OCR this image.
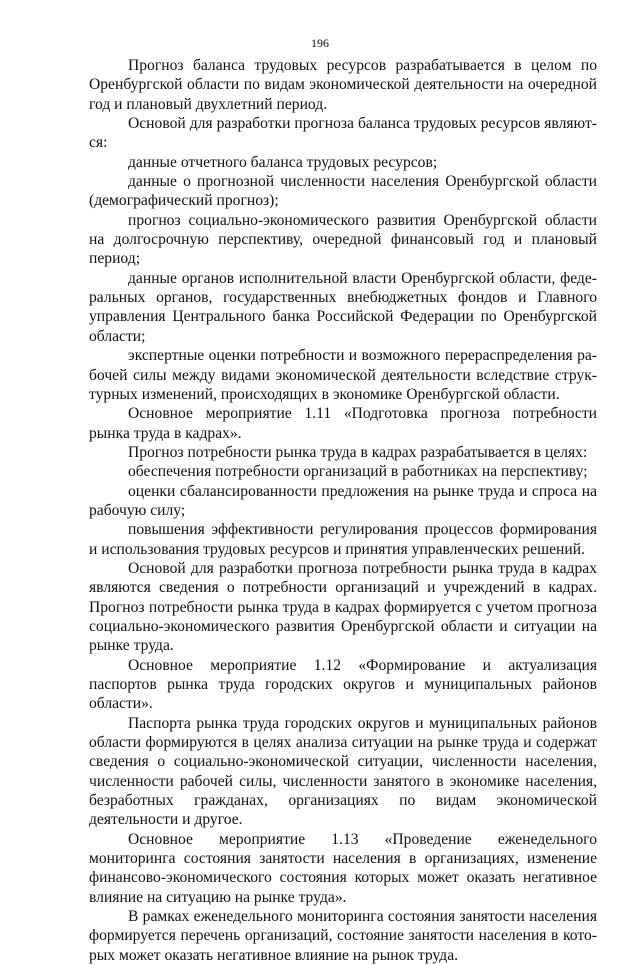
196

Прогноз баланса трудовых ресурсов разрабатывается в целом по Оренбургской области по видам экономической деятельности на очередной год и плановый двухлетний период.

Основой для разработки прогноза баланса трудовых ресурсов являются:

данные отчетного баланса трудовых ресурсов;

данные о прогнозной численности населения Оренбургской области (демографический прогноз);

прогноз социально-экономического развития Оренбургской области на долгосрочную перспективу, очередной финансовый год и плановый период;

данные органов исполнительной власти Оренбургской области, федеральных органов, государственных внебюджетных фондов и Главного управления Центрального банка Российской Федерации по Оренбургской области;

экспертные оценки потребности и возможного перераспределения рабочей силы между видами экономической деятельности вследствие структурных изменений, происходящих в экономике Оренбургской области.

Основное мероприятие 1.11 «Подготовка прогноза потребности рынка труда в кадрах».

Прогноз потребности рынка труда в кадрах разрабатывается в целях:

обеспечения потребности организаций в работниках на перспективу;

оценки сбалансированности предложения на рынке труда и спроса на рабочую силу;

повышения эффективности регулирования процессов формирования и использования трудовых ресурсов и принятия управленческих решений.

Основой для разработки прогноза потребности рынка труда в кадрах являются сведения о потребности организаций и учреждений в кадрах. Прогноз потребности рынка труда в кадрах формируется с учетом прогноза социально-экономического развития Оренбургской области и ситуации на рынке труда.

Основное мероприятие 1.12 «Формирование и актуализация паспортов рынка труда городских округов и муниципальных районов области».

Паспорта рынка труда городских округов и муниципальных районов области формируются в целях анализа ситуации на рынке труда и содержат сведения о социально-экономической ситуации, численности населения, численности рабочей силы, численности занятого в экономике населения, безработных гражданах, организациях по видам экономической деятельности и другое.

Основное мероприятие 1.13 «Проведение еженедельного мониторинга состояния занятости населения в организациях, изменение финансово-экономического состояния которых может оказать негативное влияние на ситуацию на рынке труда».

В рамках еженедельного мониторинга состояния занятости населения формируется перечень организаций, состояние занятости населения в которых может оказать негативное влияние на рынок труда.
